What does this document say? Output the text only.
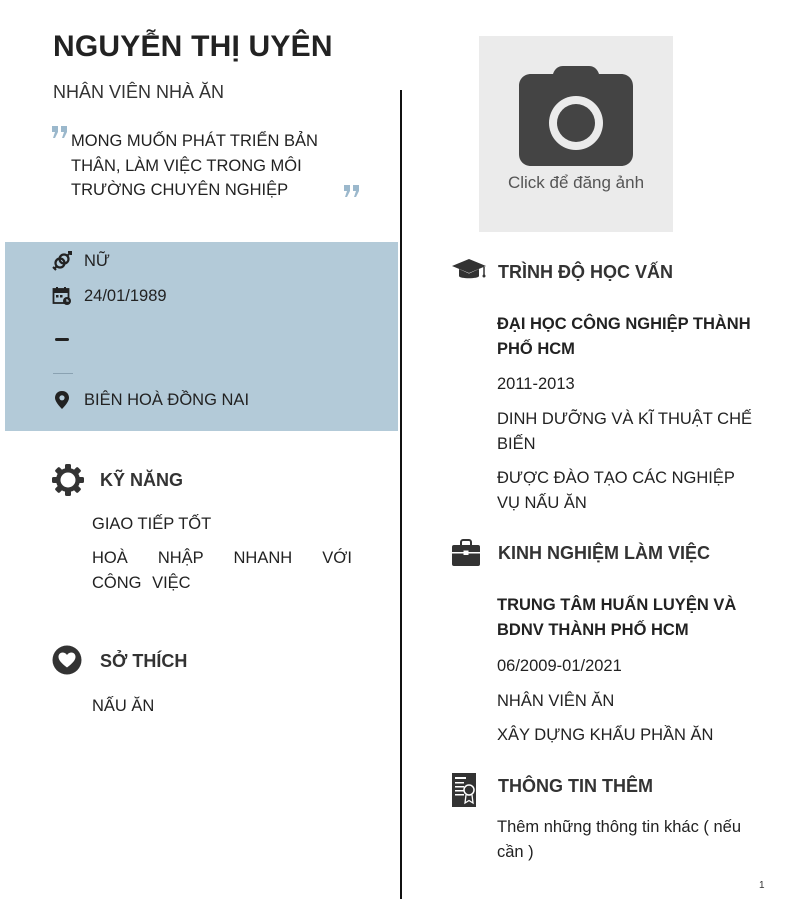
NGUYỄN THỊ UYÊN
NHÂN VIÊN NHÀ ĂN
MONG MUỐN PHÁT TRIỂN BẢN THÂN, LÀM VIỆC TRONG MÔI TRƯỜNG CHUYÊN NGHIỆP
NỮ
24/01/1989
BIÊN HOÀ ĐỒNG NAI
KỸ NĂNG
GIAO TIẾP TỐT
HOÀ NHẬP NHANH VỚI CÔNG VIỆC
SỞ THÍCH
NẤU ĂN
Click để đăng ảnh
TRÌNH ĐỘ HỌC VẤN
ĐẠI HỌC CÔNG NGHIỆP THÀNH PHỐ HCM
2011-2013
DINH DƯỠNG VÀ KĨ THUẬT CHẾ BIẾN
ĐƯỢC ĐÀO TẠO CÁC NGHIỆP VỤ NẤU ĂN
KINH NGHIỆM LÀM VIỆC
TRUNG TÂM HUẤN LUYỆN VÀ BDNV THÀNH PHỐ HCM
06/2009-01/2021
NHÂN VIÊN ĂN
XÂY DỰNG KHẨU PHẦN ĂN
THÔNG TIN THÊM
Thêm những thông tin khác ( nếu cần )
1
